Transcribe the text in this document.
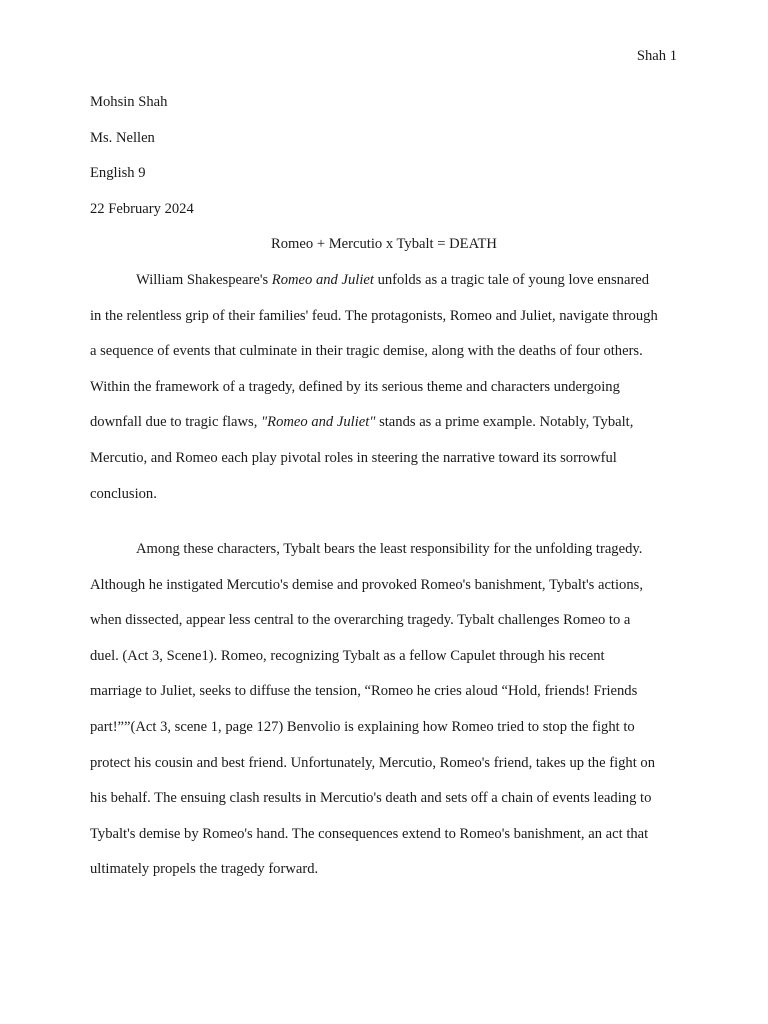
Shah 1
Mohsin Shah
Ms. Nellen
English 9
22 February 2024
Romeo + Mercutio x Tybalt = DEATH
William Shakespeare's Romeo and Juliet unfolds as a tragic tale of young love ensnared
in the relentless grip of their families' feud. The protagonists, Romeo and Juliet, navigate through
a sequence of events that culminate in their tragic demise, along with the deaths of four others.
Within the framework of a tragedy, defined by its serious theme and characters undergoing
downfall due to tragic flaws, "Romeo and Juliet" stands as a prime example. Notably, Tybalt,
Mercutio, and Romeo each play pivotal roles in steering the narrative toward its sorrowful
conclusion.
Among these characters, Tybalt bears the least responsibility for the unfolding tragedy.
Although he instigated Mercutio's demise and provoked Romeo's banishment, Tybalt's actions,
when dissected, appear less central to the overarching tragedy. Tybalt challenges Romeo to a
duel. (Act 3, Scene1). Romeo, recognizing Tybalt as a fellow Capulet through his recent
marriage to Juliet, seeks to diffuse the tension, “Romeo he cries aloud “Hold, friends! Friends
part!””(Act 3, scene 1, page 127) Benvolio is explaining how Romeo tried to stop the fight to
protect his cousin and best friend. Unfortunately, Mercutio, Romeo's friend, takes up the fight on
his behalf. The ensuing clash results in Mercutio's death and sets off a chain of events leading to
Tybalt's demise by Romeo's hand. The consequences extend to Romeo's banishment, an act that
ultimately propels the tragedy forward.
